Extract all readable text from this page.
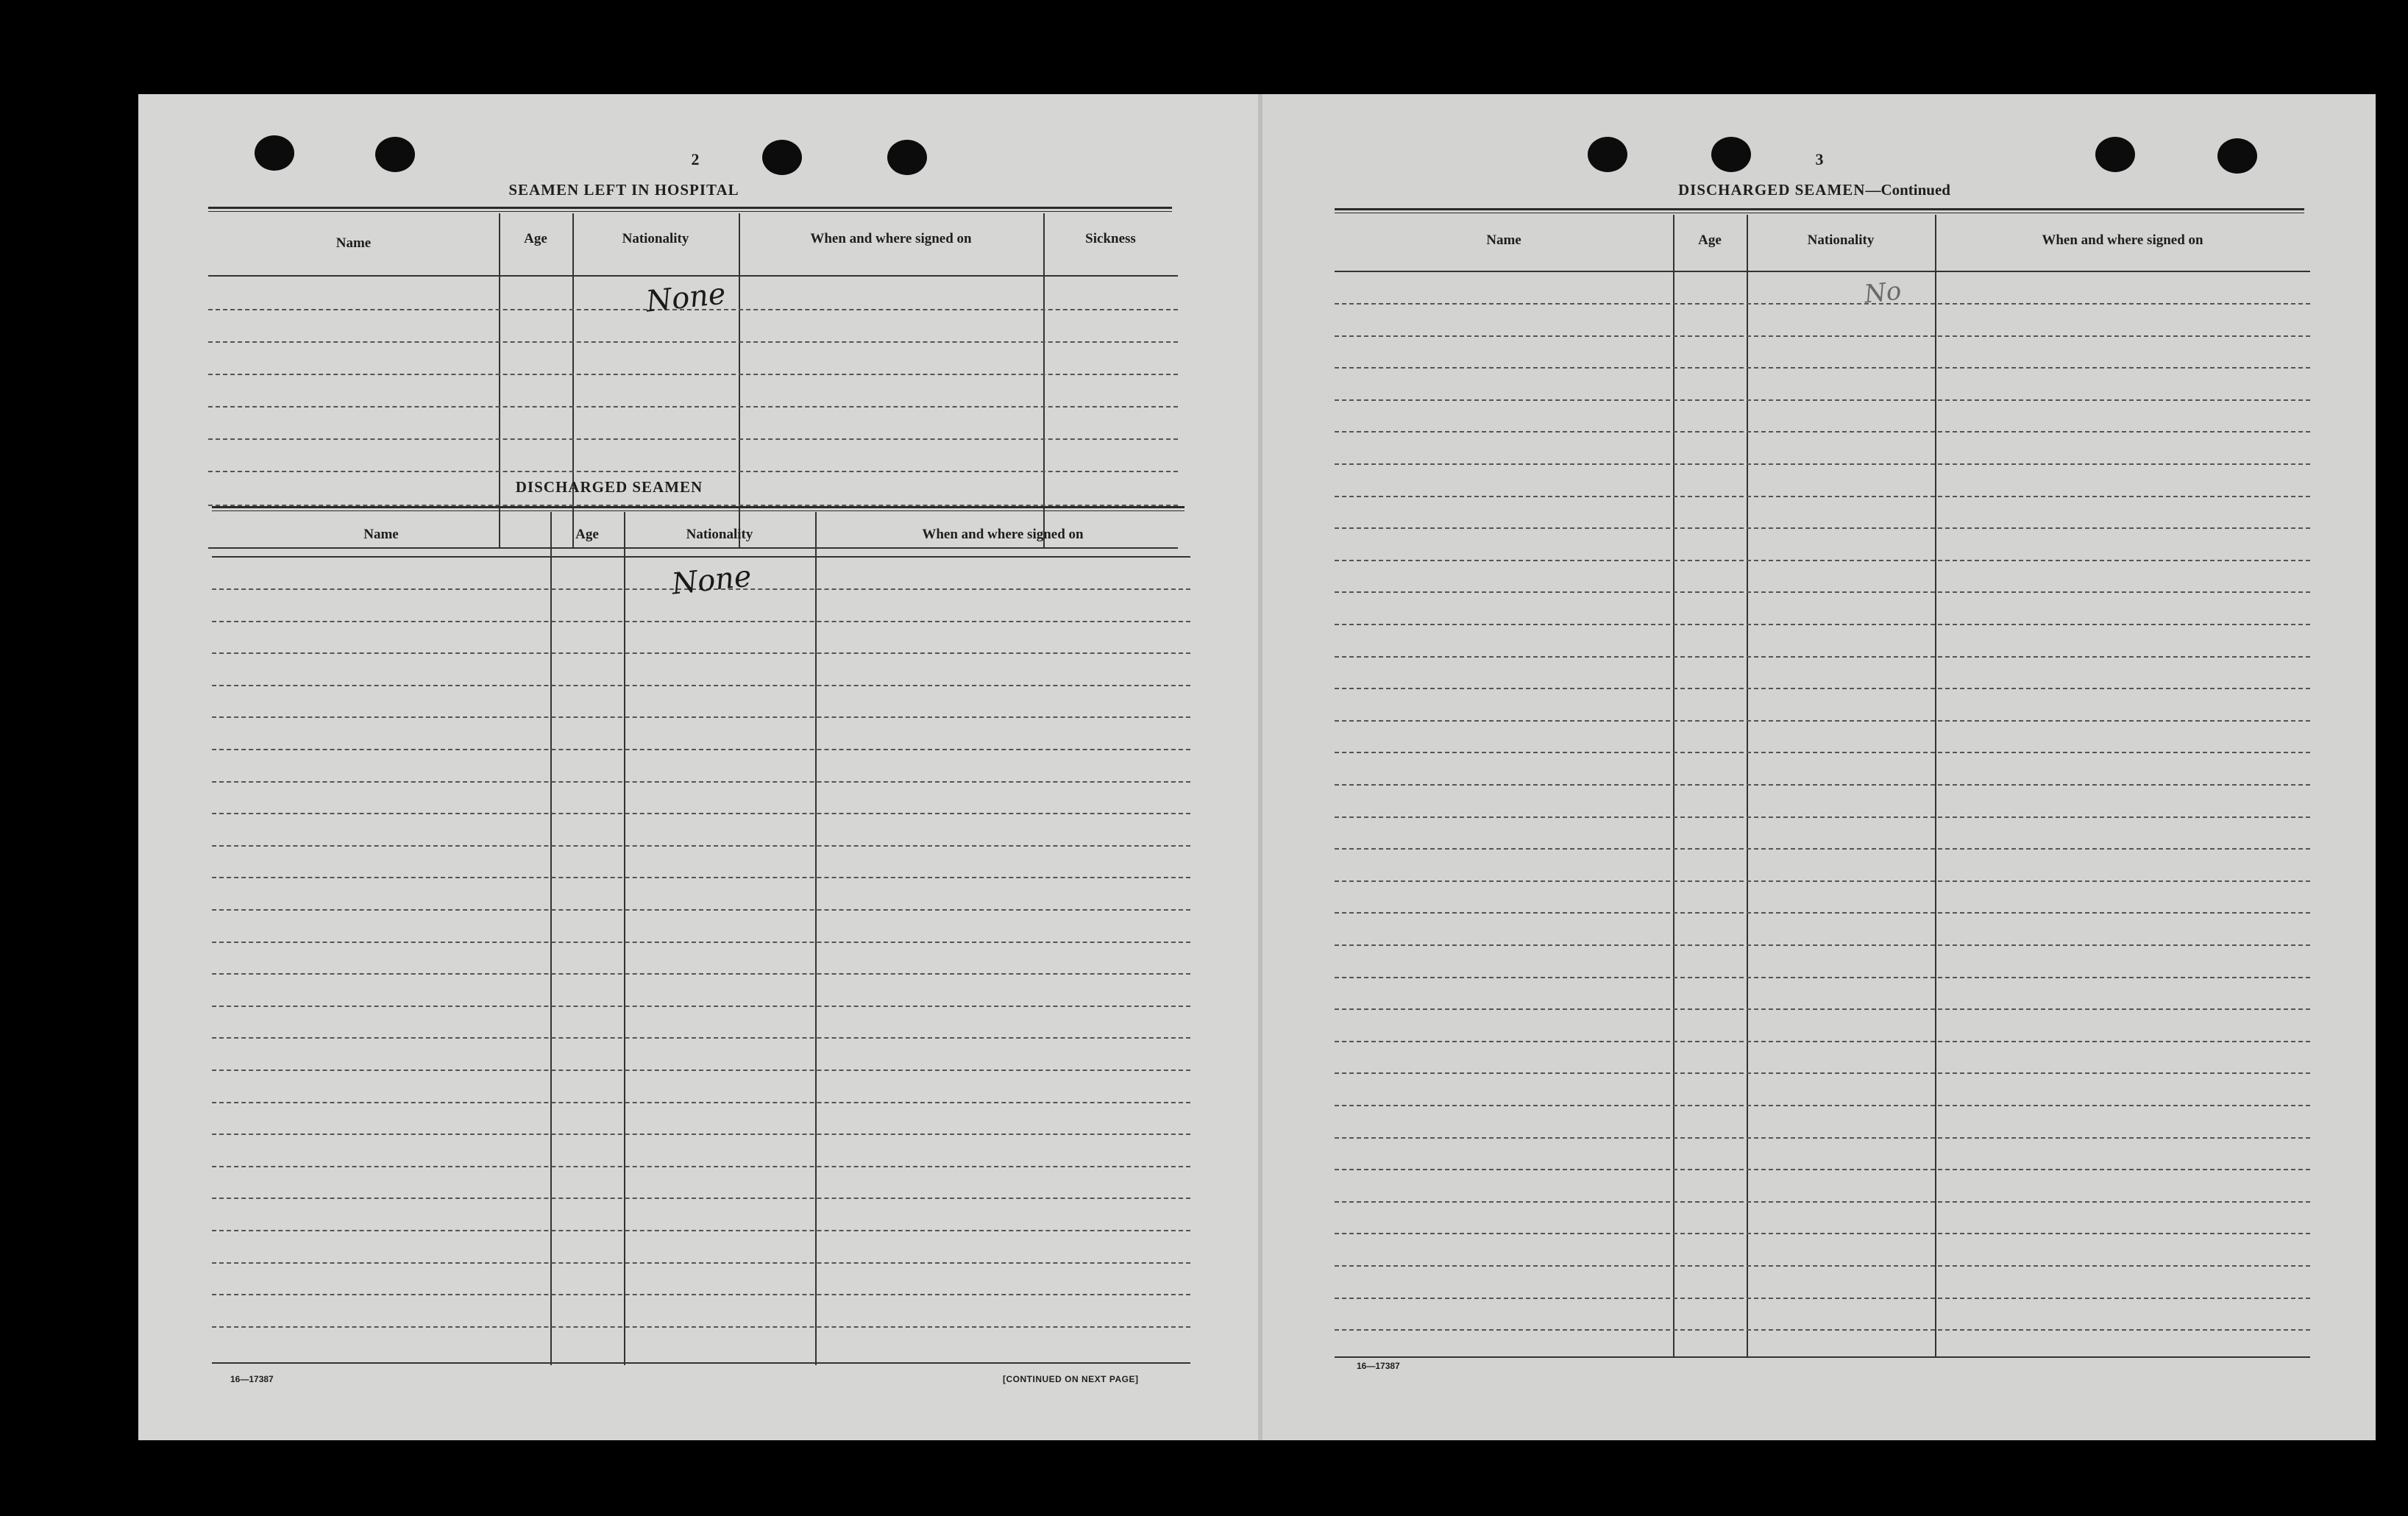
2
SEAMEN LEFT IN HOSPITAL
Name	Age	Nationality	When and where signed on	Sickness
None
DISCHARGED SEAMEN
Name	Age	Nationality	When and where signed on
None
16—17387	[CONTINUED ON NEXT PAGE]
3
DISCHARGED SEAMEN—Continued
Name	Age	Nationality	When and where signed on
No
16—17387
